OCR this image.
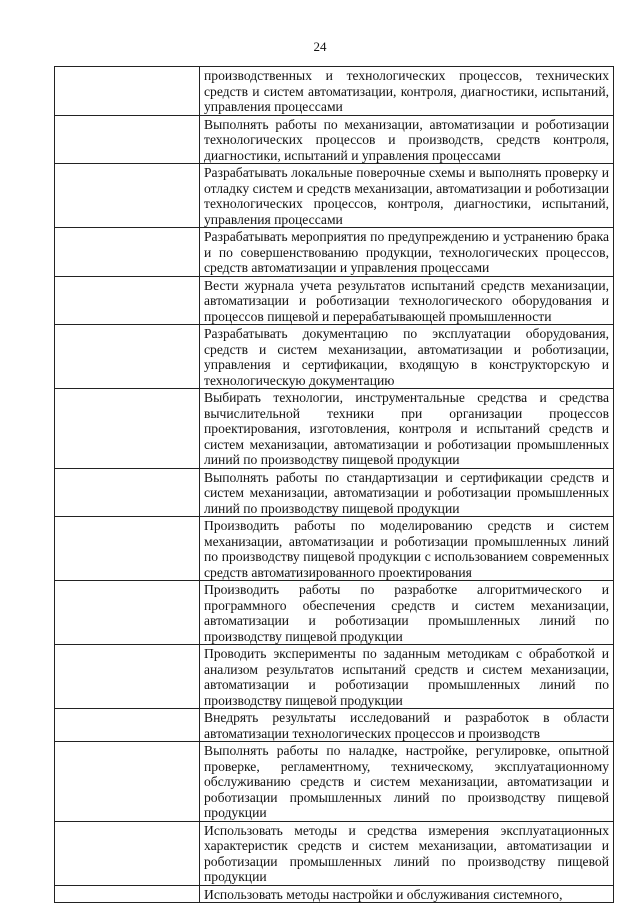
24

	производственных и технологических процессов, технических средств и систем автоматизации, контроля, диагностики, испытаний, управления процессами

	Выполнять работы по механизации, автоматизации и роботизации технологических процессов и производств, средств контроля, диагностики, испытаний и управления процессами

	Разрабатывать локальные поверочные схемы и выполнять проверку и отладку систем и средств механизации, автоматизации и роботизации технологических процессов, контроля, диагностики, испытаний, управления процессами

	Разрабатывать мероприятия по предупреждению и устранению брака и по совершенствованию продукции, технологических процессов, средств автоматизации и управления процессами

	Вести журнала учета результатов испытаний средств механизации, автоматизации и роботизации технологического оборудования и процессов пищевой и перерабатывающей промышленности

	Разрабатывать документацию по эксплуатации оборудования, средств и систем механизации, автоматизации и роботизации, управления и сертификации, входящую в конструкторскую и технологическую документацию

	Выбирать технологии, инструментальные средства и средства вычислительной техники при организации процессов проектирования, изготовления, контроля и испытаний средств и систем механизации, автоматизации и роботизации промышленных линий по производству пищевой продукции

	Выполнять работы по стандартизации и сертификации средств и систем механизации, автоматизации и роботизации промышленных линий по производству пищевой продукции

	Производить работы по моделированию средств и систем механизации, автоматизации и роботизации промышленных линий по производству пищевой продукции с использованием современных средств автоматизированного проектирования

	Производить работы по разработке алгоритмического и программного обеспечения средств и систем механизации, автоматизации и роботизации промышленных линий по производству пищевой продукции

	Проводить эксперименты по заданным методикам с обработкой и анализом результатов испытаний средств и систем механизации, автоматизации и роботизации промышленных линий по производству пищевой продукции

	Внедрять результаты исследований и разработок в области автоматизации технологических процессов и производств

	Выполнять работы по наладке, настройке, регулировке, опытной проверке, регламентному, техническому, эксплуатационному обслуживанию средств и систем механизации, автоматизации и роботизации промышленных линий по производству пищевой продукции

	Использовать методы и средства измерения эксплуатационных характеристик средств и систем механизации, автоматизации и роботизации промышленных линий по производству пищевой продукции

	Использовать методы настройки и обслуживания системного,
